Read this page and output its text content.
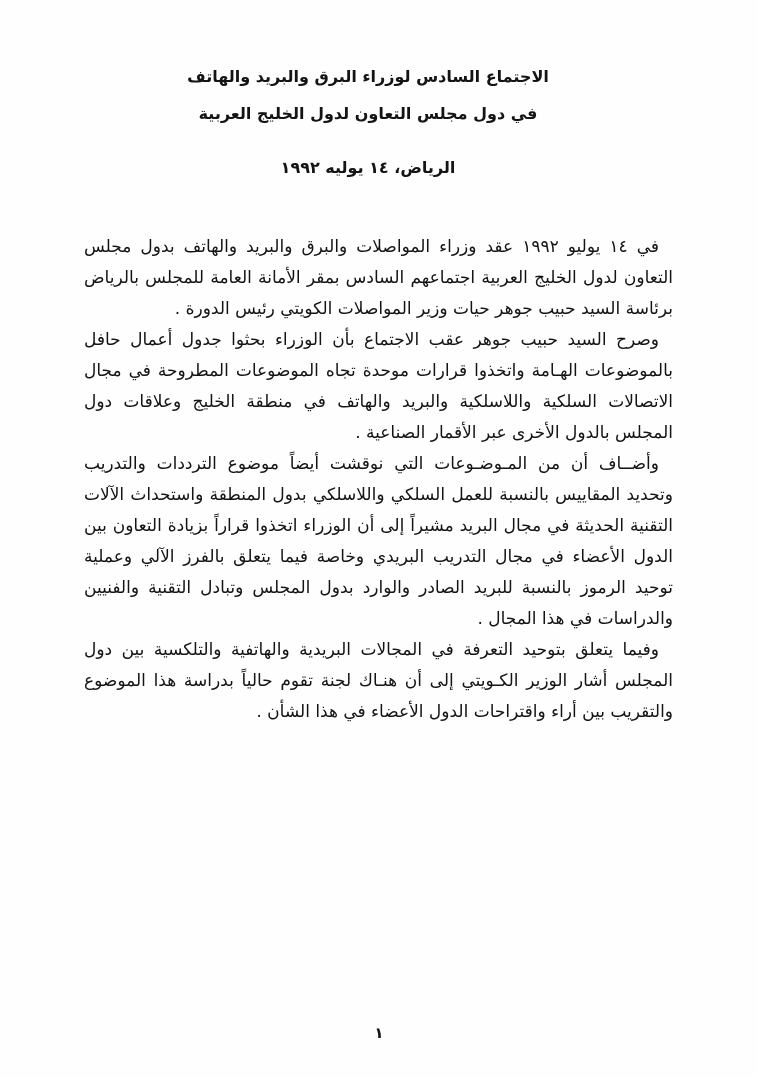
الاجتماع السادس لوزراء البرق والبريد والهاتف
في دول مجلس التعاون لدول الخليج العربية
الرياض، ١٤ يوليه ١٩٩٢

في ١٤ يوليو ١٩٩٢ عقد وزراء المواصلات والبرق والبريد والهاتف بدول مجلس التعاون لدول الخليج العربية اجتماعهم السادس بمقر الأمانة العامة للمجلس بالرياض برئاسة السيد حبيب جوهر حيات وزير المواصلات الكويتي رئيس الدورة .

وصرح السيد حبيب جوهر عقب الاجتماع بأن الوزراء بحثوا جدول أعمال حافل بالموضوعات الهـامة واتخذوا قرارات موحدة تجاه الموضوعات المطروحة في مجال الاتصالات السلكية واللاسلكية والبريد والهاتف في منطقة الخليج وعلاقات دول المجلس بالدول الأخرى عبر الأقمار الصناعية .

وأضــاف أن من المـوضـوعات التي نوقشت أيضاً موضوع الترددات والتدريب وتحديد المقاييس بالنسبة للعمل السلكي واللاسلكي بدول المنطقة واستحداث الآلات التقنية الحديثة في مجال البريد مشيراً إلى أن الوزراء اتخذوا قراراً بزيادة التعاون بين الدول الأعضاء في مجال التدريب البريدي وخاصة فيما يتعلق بالفرز الآلي وعملية توحيد الرموز بالنسبة للبريد الصادر والوارد بدول المجلس وتبادل التقنية والفنيين والدراسات في هذا المجال .

وفيما يتعلق بتوحيد التعرفة في المجالات البريدية والهاتفية والتلكسية بين دول المجلس أشار الوزير الكـويتي إلى أن هنـاك لجنة تقوم حالياً بدراسة هذا الموضوع والتقريب بين أراء واقتراحات الدول الأعضاء في هذا الشأن .

١
